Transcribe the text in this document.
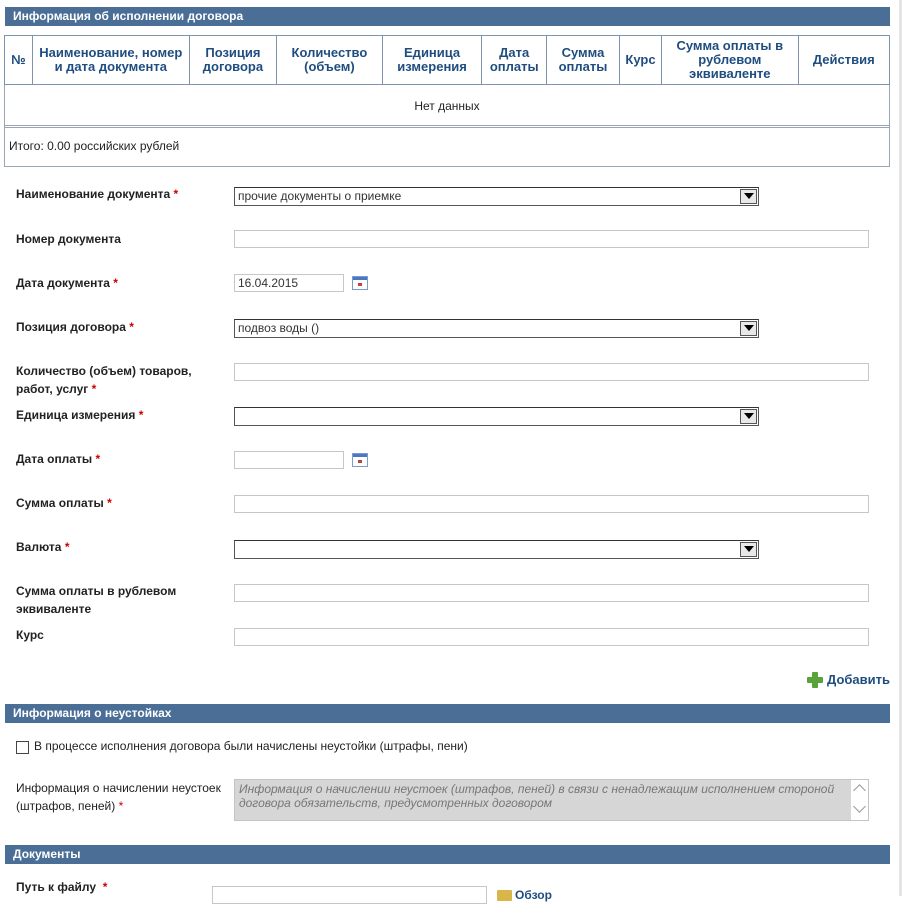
Информация об исполнении договора
№	Наименование, номер и дата документа	Позиция договора	Количество (объем)	Единица измерения	Дата оплаты	Сумма оплаты	Курс	Сумма оплаты в рублевом эквиваленте	Действия
Нет данных
Итого: 0.00 российских рублей
Наименование документа *	прочие документы о приемке
Номер документа
Дата документа *	16.04.2015
Позиция договора *	подвоз воды ()
Количество (объем) товаров,
работ, услуг *
Единица измерения *
Дата оплаты *
Сумма оплаты *
Валюта *
Сумма оплаты в рублевом
эквиваленте
Курс
Добавить
Информация о неустойках
В процессе исполнения договора были начислены неустойки (штрафы, пени)
Информация о начислении неустоек
(штрафов, пеней) *
Информация о начислении неустоек (штрафов, пеней) в связи с ненадлежащим исполнением стороной договора обязательств, предусмотренных договором
Документы
Путь к файлу *
Обзор
